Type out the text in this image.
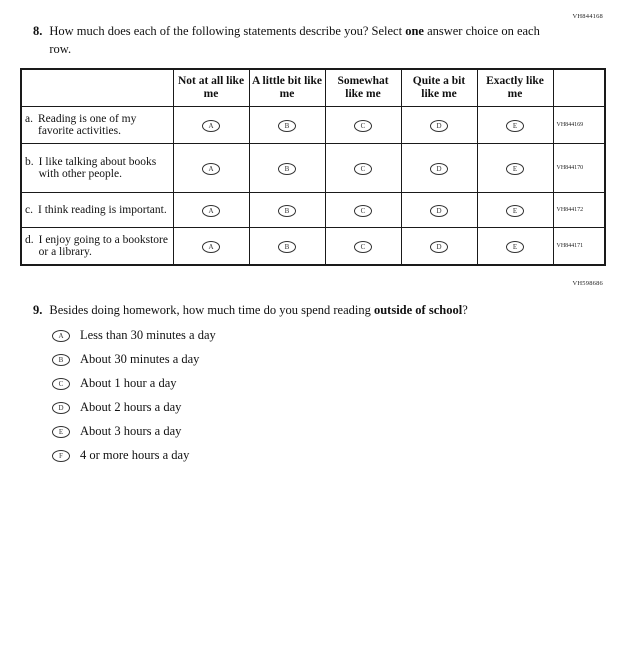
VH844168
8. How much does each of the following statements describe you? Select one answer choice on each row.
	Not at all like me	A little bit like me	Somewhat like me	Quite a bit like me	Exactly like me	

a. Reading is one of my favorite activities.	A	B	C	D	E	VH844169

b. I like talking about books with other people.	A	B	C	D	E	VH844170

c. I think reading is important.	A	B	C	D	E	VH844172

d. I enjoy going to a bookstore or a library.	A	B	C	D	E	VH844171
VH598686
9. Besides doing homework, how much time do you spend reading outside of school?
A	Less than 30 minutes a day
B	About 30 minutes a day
C	About 1 hour a day
D	About 2 hours a day
E	About 3 hours a day
F	4 or more hours a day
